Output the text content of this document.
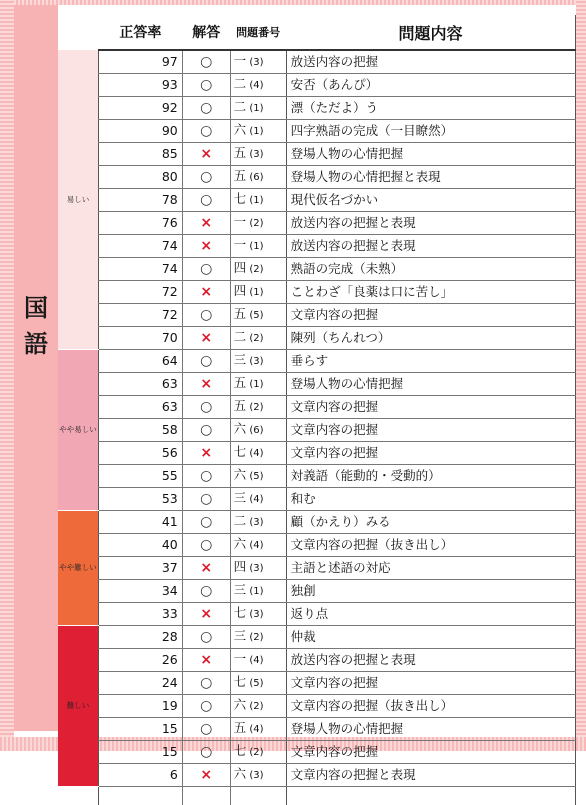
国
語
	正答率	解答	問題番号	問題内容

易しい	97	○	一 (3)	放送内容の把握
	93	○	二 (4)	安否（あんぴ）
	92	○	二 (1)	漂（ただよ）う
	90	○	六 (1)	四字熟語の完成（一目瞭然）
	85	×	五 (3)	登場人物の心情把握
	80	○	五 (6)	登場人物の心情把握と表現
	78	○	七 (1)	現代仮名づかい
	76	×	一 (2)	放送内容の把握と表現
	74	×	一 (1)	放送内容の把握と表現
	74	○	四 (2)	熟語の完成（未熟）
	72	×	四 (1)	ことわざ「良薬は口に苦し」
	72	○	五 (5)	文章内容の把握
	70	×	二 (2)	陳列（ちんれつ）

やや易しい	64	○	三 (3)	垂らす
	63	×	五 (1)	登場人物の心情把握
	63	○	五 (2)	文章内容の把握
	58	○	六 (6)	文章内容の把握
	56	×	七 (4)	文章内容の把握
	55	○	六 (5)	対義語（能動的・受動的）
	53	○	三 (4)	和む

やや難しい	41	○	二 (3)	顧（かえり）みる
	40	○	六 (4)	文章内容の把握（抜き出し）
	37	×	四 (3)	主語と述語の対応
	34	○	三 (1)	独創
	33	×	七 (3)	返り点

難しい	28	○	三 (2)	仲裁
	26	×	一 (4)	放送内容の把握と表現
	24	○	七 (5)	文章内容の把握
	19	○	六 (2)	文章内容の把握（抜き出し）
	15	○	五 (4)	登場人物の心情把握
	15	○	七 (2)	文章内容の把握
	6	×	六 (3)	文章内容の把握と表現
